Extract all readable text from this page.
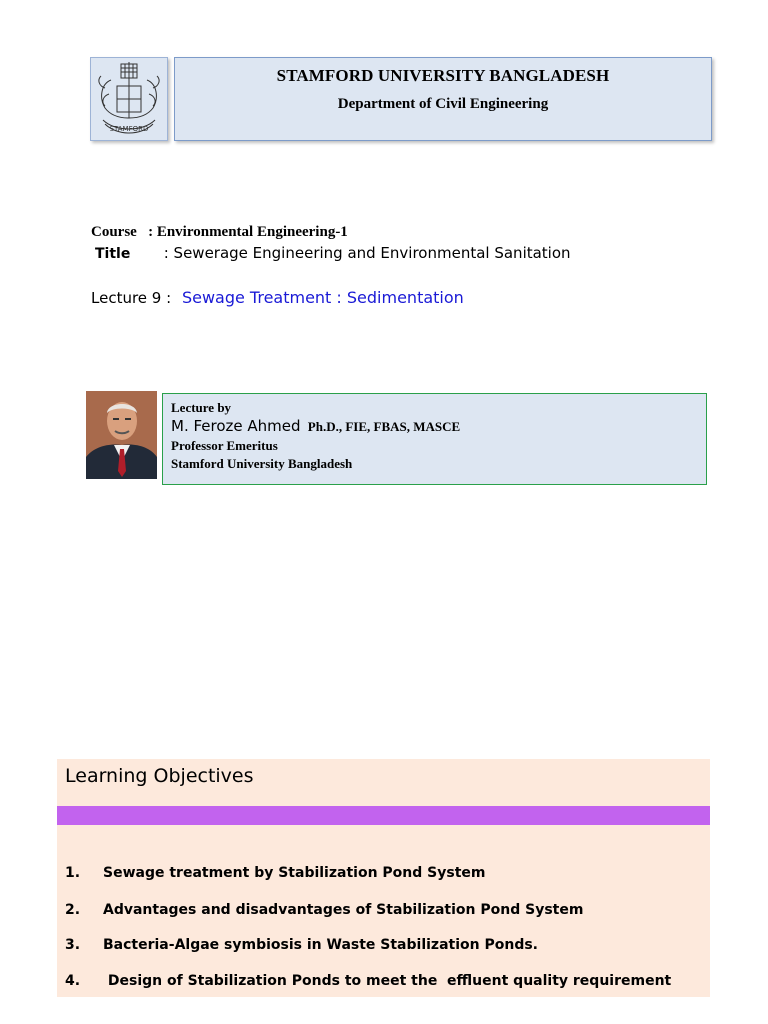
STAMFORD
STAMFORD UNIVERSITY BANGLADESH
Department of Civil Engineering
Course : Environmental Engineering-1
Title : Sewerage Engineering and Environmental Sanitation
Lecture 9 : Sewage Treatment : Sedimentation
Lecture by
M. Feroze Ahmed Ph.D., FIE, FBAS, MASCE
Professor Emeritus
Stamford University Bangladesh
Learning Objectives
1. Sewage treatment by Stabilization Pond System
2. Advantages and disadvantages of Stabilization Pond System
3. Bacteria-Algae symbiosis in Waste Stabilization Ponds.
4. Design of Stabilization Ponds to meet the  effluent quality requirement
